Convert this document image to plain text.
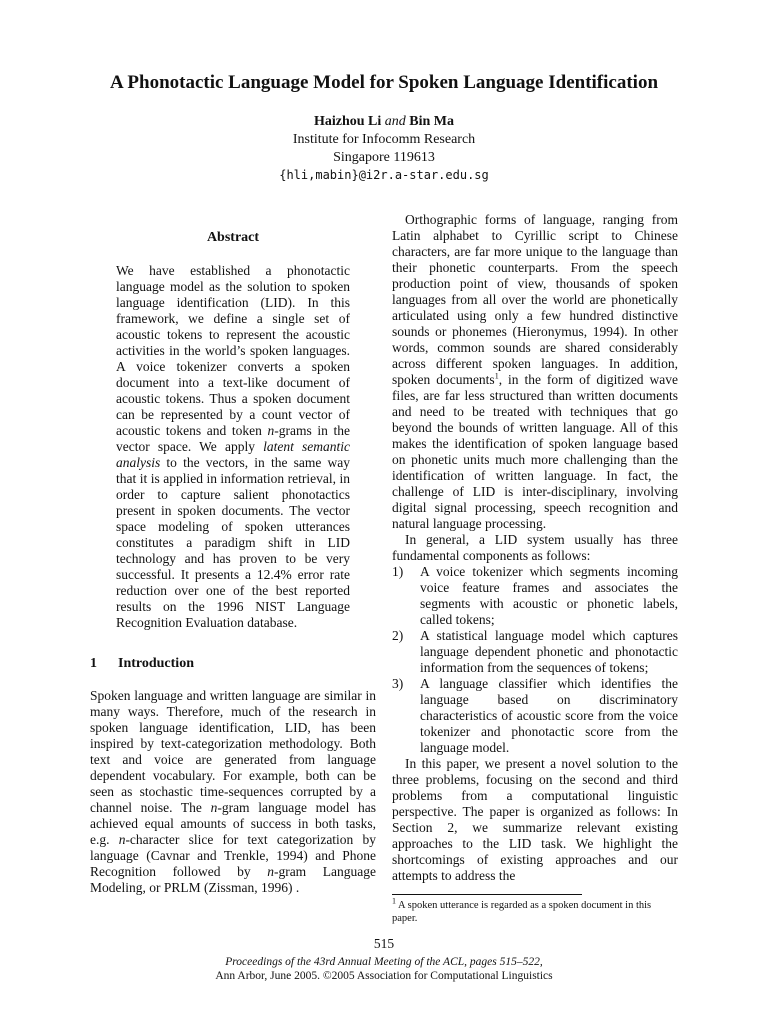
A Phonotactic Language Model for Spoken Language Identification
Haizhou Li and Bin Ma
Institute for Infocomm Research
Singapore 119613
{hli,mabin}@i2r.a-star.edu.sg
Abstract

We have established a phonotactic language model as the solution to spoken language identification (LID). In this framework, we define a single set of acoustic tokens to represent the acoustic activities in the world’s spoken languages. A voice tokenizer converts a spoken document into a text-like document of acoustic tokens. Thus a spoken document can be represented by a count vector of acoustic tokens and token n-grams in the vector space. We apply latent semantic analysis to the vectors, in the same way that it is applied in information retrieval, in order to capture salient phonotactics present in spoken documents. The vector space modeling of spoken utterances constitutes a paradigm shift in LID technology and has proven to be very successful. It presents a 12.4% error rate reduction over one of the best reported results on the 1996 NIST Language Recognition Evaluation database.

1 Introduction

Spoken language and written language are similar in many ways. Therefore, much of the research in spoken language identification, LID, has been inspired by text-categorization methodology. Both text and voice are generated from language dependent vocabulary. For example, both can be seen as stochastic time-sequences corrupted by a channel noise. The n-gram language model has achieved equal amounts of success in both tasks, e.g. n-character slice for text categorization by language (Cavnar and Trenkle, 1994) and Phone Recognition followed by n-gram Language Modeling, or PRLM (Zissman, 1996) .

Orthographic forms of language, ranging from Latin alphabet to Cyrillic script to Chinese characters, are far more unique to the language than their phonetic counterparts. From the speech production point of view, thousands of spoken languages from all over the world are phonetically articulated using only a few hundred distinctive sounds or phonemes (Hieronymus, 1994). In other words, common sounds are shared considerably across different spoken languages. In addition, spoken documents$^1$, in the form of digitized wave files, are far less structured than written documents and need to be treated with techniques that go beyond the bounds of written language. All of this makes the identification of spoken language based on phonetic units much more challenging than the identification of written language. In fact, the challenge of LID is inter-disciplinary, involving digital signal processing, speech recognition and natural language processing.

In general, a LID system usually has three fundamental components as follows:

1) A voice tokenizer which segments incoming voice feature frames and associates the segments with acoustic or phonetic labels, called tokens;
2) A statistical language model which captures language dependent phonetic and phonotactic information from the sequences of tokens;
3) A language classifier which identifies the language based on discriminatory characteristics of acoustic score from the voice tokenizer and phonotactic score from the language model.

In this paper, we present a novel solution to the three problems, focusing on the second and third problems from a computational linguistic perspective. The paper is organized as follows: In Section 2, we summarize relevant existing approaches to the LID task. We highlight the shortcomings of existing approaches and our attempts to address the

$^1$ A spoken utterance is regarded as a spoken document in this paper.
515
Proceedings of the 43rd Annual Meeting of the ACL, pages 515–522,
Ann Arbor, June 2005. ©2005 Association for Computational Linguistics
